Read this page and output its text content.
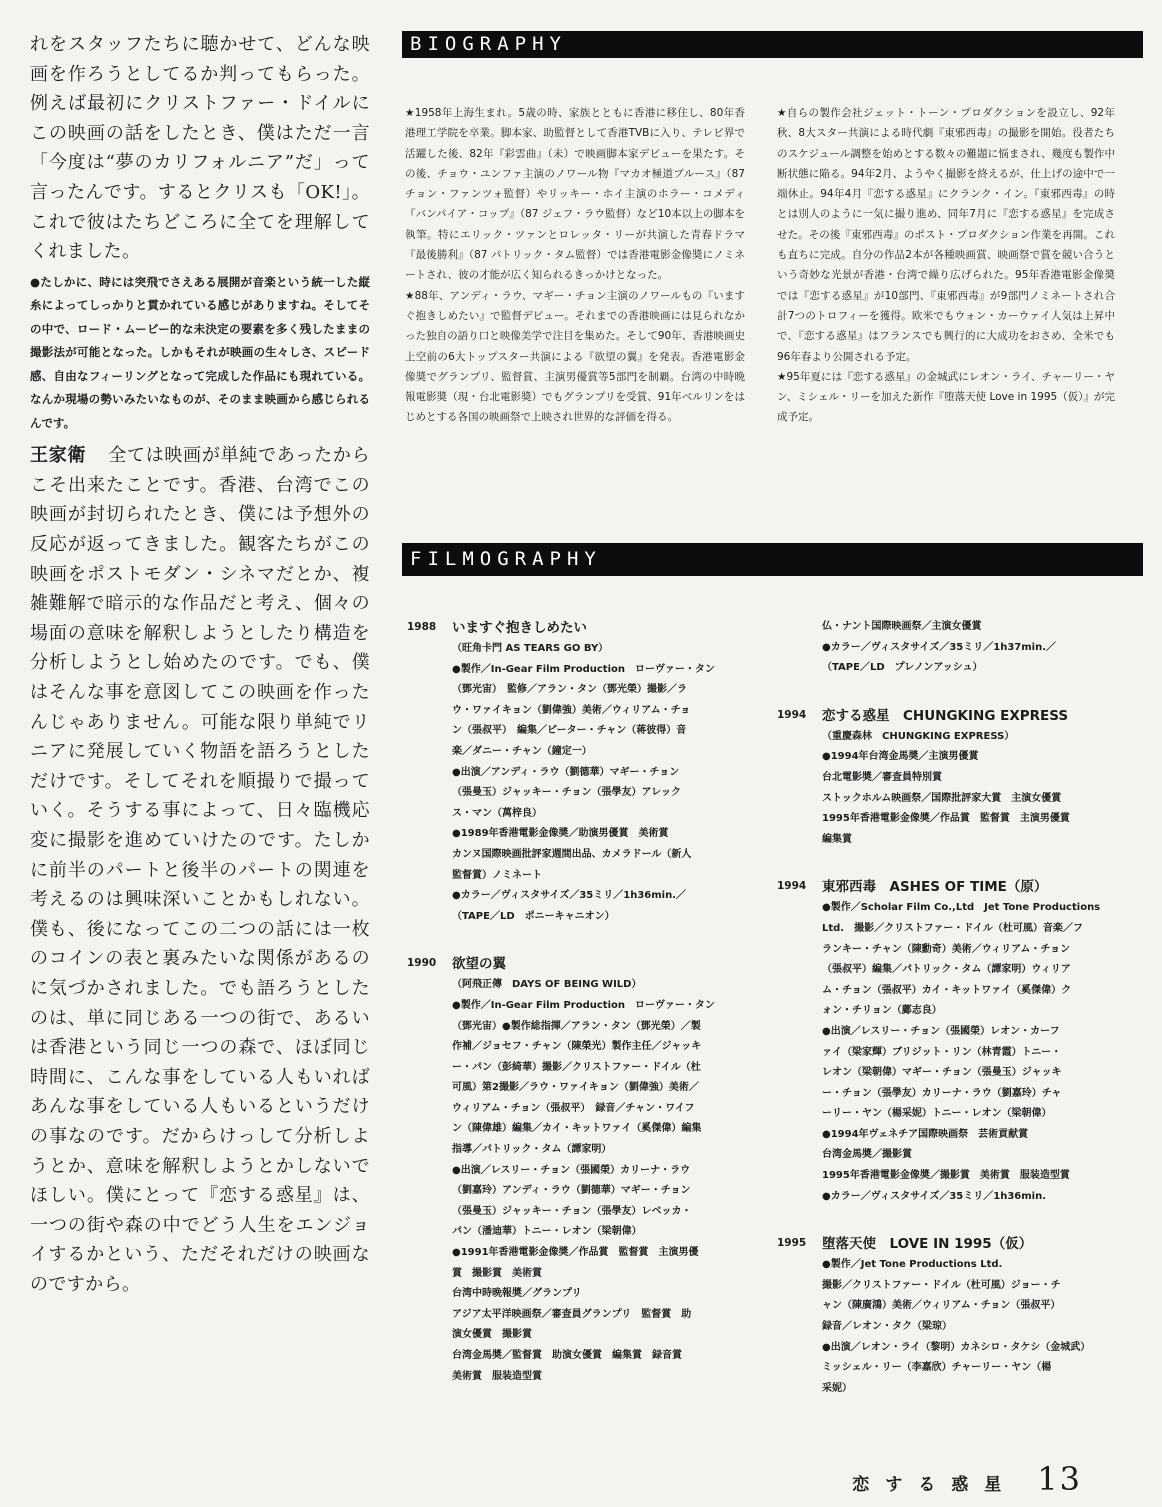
れをスタッフたちに聴かせて、どんな映画を作ろうとしてるか判ってもらった。例えば最初にクリストファー・ドイルにこの映画の話をしたとき、僕はただ一言「今度は“夢のカリフォルニア”だ」って言ったんです。するとクリスも「OK!」。これで彼はたちどころに全てを理解してくれました。

●たしかに、時には突飛でさえある展開が音楽という統一した縦糸によってしっかりと貫かれている感じがありますね。そしてその中で、ロード・ムービー的な未決定の要素を多く残したままの撮影法が可能となった。しかもそれが映画の生々しさ、スピード感、自由なフィーリングとなって完成した作品にも現れている。なんか現場の勢いみたいなものが、そのまま映画から感じられるんです。

王家衛 全ては映画が単純であったからこそ出来たことです。香港、台湾でこの映画が封切られたとき、僕には予想外の反応が返ってきました。観客たちがこの映画をポストモダン・シネマだとか、複雑難解で暗示的な作品だと考え、個々の場面の意味を解釈しようとしたり構造を分析しようとし始めたのです。でも、僕はそんな事を意図してこの映画を作ったんじゃありません。可能な限り単純でリニアに発展していく物語を語ろうとしただけです。そしてそれを順撮りで撮っていく。そうする事によって、日々臨機応変に撮影を進めていけたのです。たしかに前半のパートと後半のパートの関連を考えるのは興味深いことかもしれない。僕も、後になってこの二つの話には一枚のコインの表と裏みたいな関係があるのに気づかされました。でも語ろうとしたのは、単に同じある一つの街で、あるいは香港という同じ一つの森で、ほぼ同じ時間に、こんな事をしている人もいればあんな事をしている人もいるというだけの事なのです。だからけっして分析しようとか、意味を解釈しようとかしないでほしい。僕にとって『恋する惑星』は、一つの街や森の中でどう人生をエンジョイするかという、ただそれだけの映画なのですから。

BIOGRAPHY

★1958年上海生まれ。5歳の時、家族とともに香港に移住し、80年香港理工学院を卒業。脚本家、助監督として香港TVBに入り、テレビ界で活躍した後、82年『彩雲曲』（未）で映画脚本家デビューを果たす。その後、チョウ・ユンファ主演のノワール物『マカオ極道ブルース』（87 チョン・ファンツォ監督）やリッキー・ホイ主演のホラー・コメディ『バンパイア・コップ』（87 ジェフ・ラウ監督）など10本以上の脚本を執筆。特にエリック・ツァンとロレッタ・リーが共演した青春ドラマ『最後勝利』（87 パトリック・タム監督）では香港電影金像奬にノミネートされ、彼の才能が広く知られるきっかけとなった。

★88年、アンディ・ラウ、マギー・チョン主演のノワールもの『いますぐ抱きしめたい』で監督デビュー。それまでの香港映画には見られなかった独自の語り口と映像美学で注目を集めた。そして90年、香港映画史上空前の6大トップスター共演による『欲望の翼』を発表。香港電影金像奬でグランプリ、監督賞、主演男優賞等5部門を制覇。台湾の中時晩報電影奬（現・台北電影奬）でもグランプリを受賞、91年ベルリンをはじめとする各国の映画祭で上映され世界的な評価を得る。

★自らの製作会社ジェット・トーン・プロダクションを設立し、92年秋、8大スター共演による時代劇『東邪西毒』の撮影を開始。役者たちのスケジュール調整を始めとする数々の難題に悩まされ、幾度も製作中断状態に陥る。94年2月、ようやく撮影を終えるが、仕上げの途中で一端休止。94年4月『恋する惑星』にクランク・イン。『東邪西毒』の時とは別人のように一気に撮り進め、同年7月に『恋する惑星』を完成させた。その後『東邪西毒』のポスト・プロダクション作業を再開。これも直ちに完成。自分の作品2本が各種映画賞、映画祭で賞を競い合うという奇妙な光景が香港・台湾で繰り広げられた。95年香港電影金像奬では『恋する惑星』が10部門、『東邪西毒』が9部門ノミネートされ合計7つのトロフィーを獲得。欧米でもウォン・カーウァイ人気は上昇中で、『恋する惑星』はフランスでも興行的に大成功をおさめ、全米でも96年春より公開される予定。

★95年夏には『恋する惑星』の金城武にレオン・ライ、チャーリー・ヤン、ミシェル・リーを加えた新作『堕落天使 Love in 1995（仮）』が完成予定。

FILMOGRAPHY
1988 いますぐ抱きしめたい
（旺角卡門 AS TEARS GO BY）
●製作／In-Gear Film Production　ローヴァー・タン
（鄧光宙）　監修／アラン・タン（鄧光榮）撮影／ラ
ウ・ワァイキョン（劉偉強）美術／ウィリアム・チョ
ン（張叔平）　編集／ピーター・チャン（蒋彼得）音
楽／ダニー・チャン（鐘定一）
●出演／アンディ・ラウ（劉德華）マギー・チョン
（張曼玉）ジャッキー・チョン（張學友）アレック
ス・マン（萬梓良）
●1989年香港電影金像奬／助演男優賞　美術賞
カンヌ国際映画批評家週間出品、カメラドール（新人
監督賞）ノミネート
●カラー／ヴィスタサイズ／35ミリ／1h36min.／
（TAPE／LD　ポニーキャニオン）
1990 欲望の翼
（阿飛正傳　DAYS OF BEING WILD）
●製作／In-Gear Film Production　ローヴァー・タン
（鄧光宙）●製作総指揮／アラン・タン（鄧光榮）／製
作補／ジョセフ・チャン（陳榮光）製作主任／ジャッキ
ー・パン（彭綺華）撮影／クリストファー・ドイル（杜
可風）第2撮影／ラウ・ワァイキョン（劉偉強）美術／
ウィリアム・チョン（張叔平）　録音／チャン・ワイフ
ン（陳偉雄）編集／カイ・キットワァイ（奚傑偉）編集
指導／パトリック・タム（譚家明）
●出演／レスリー・チョン（張國榮）カリーナ・ラウ
（劉嘉玲）アンディ・ラウ（劉德華）マギー・チョン
（張曼玉）ジャッキー・チョン（張學友）レベッカ・
パン（潘迪華）トニー・レオン（梁朝偉）
●1991年香港電影金像奬／作品賞　監督賞　主演男優
賞　撮影賞　美術賞
台湾中時晩報奬／グランプリ
アジア太平洋映画祭／審査員グランプリ　監督賞　助
演女優賞　撮影賞
台湾金馬奬／監督賞　助演女優賞　編集賞　録音賞
美術賞　服装造型賞
仏・ナント国際映画祭／主演女優賞
●カラー／ヴィスタサイズ／35ミリ／1h37min.／
（TAPE／LD　プレノンアッシュ）
1994 恋する惑星　CHUNGKING EXPRESS
（重慶森林　CHUNGKING EXPRESS）
●1994年台湾金馬奬／主演男優賞
台北電影奬／審査員特別賞
ストックホルム映画祭／国際批評家大賞　主演女優賞
1995年香港電影金像奬／作品賞　監督賞　主演男優賞
編集賞
1994 東邪西毒　ASHES OF TIME（原）
●製作／Scholar Film Co.,Ltd　Jet Tone Productions
Ltd.　撮影／クリストファー・ドイル（杜可風）音楽／フ
ランキー・チャン（陳勳奇）美術／ウィリアム・チョン
（張叔平）編集／パトリック・タム（譚家明）ウィリア
ム・チョン（張叔平）カイ・キットワァイ（奚傑偉）ク
ォン・チリョン（鄺志良）
●出演／レスリー・チョン（張國榮）レオン・カーフ
ァイ（梁家輝）ブリジット・リン（林青霞）トニー・
レオン（梁朝偉）マギー・チョン（張曼玉）ジャッキ
ー・チョン（張學友）カリーナ・ラウ（劉嘉玲）チャ
ーリー・ヤン（楊采妮）トニー・レオン（梁朝偉）
●1994年ヴェネチア国際映画祭　芸術貢献賞
台湾金馬奬／撮影賞
1995年香港電影金像奬／撮影賞　美術賞　服装造型賞
●カラー／ヴィスタサイズ／35ミリ／1h36min.
1995 堕落天使　LOVE IN 1995（仮）
●製作／Jet Tone Productions Ltd.
撮影／クリストファー・ドイル（杜可風）ジョー・チ
ャン（陳廣鴻）美術／ウィリアム・チョン（張叔平）
録音／レオン・タク（梁琼）
●出演／レオン・ライ（黎明）カネシロ・タケシ（金城武）
ミッシェル・リー（李嘉欣）チャーリー・ヤン（楊
采妮）
恋する惑星 13
